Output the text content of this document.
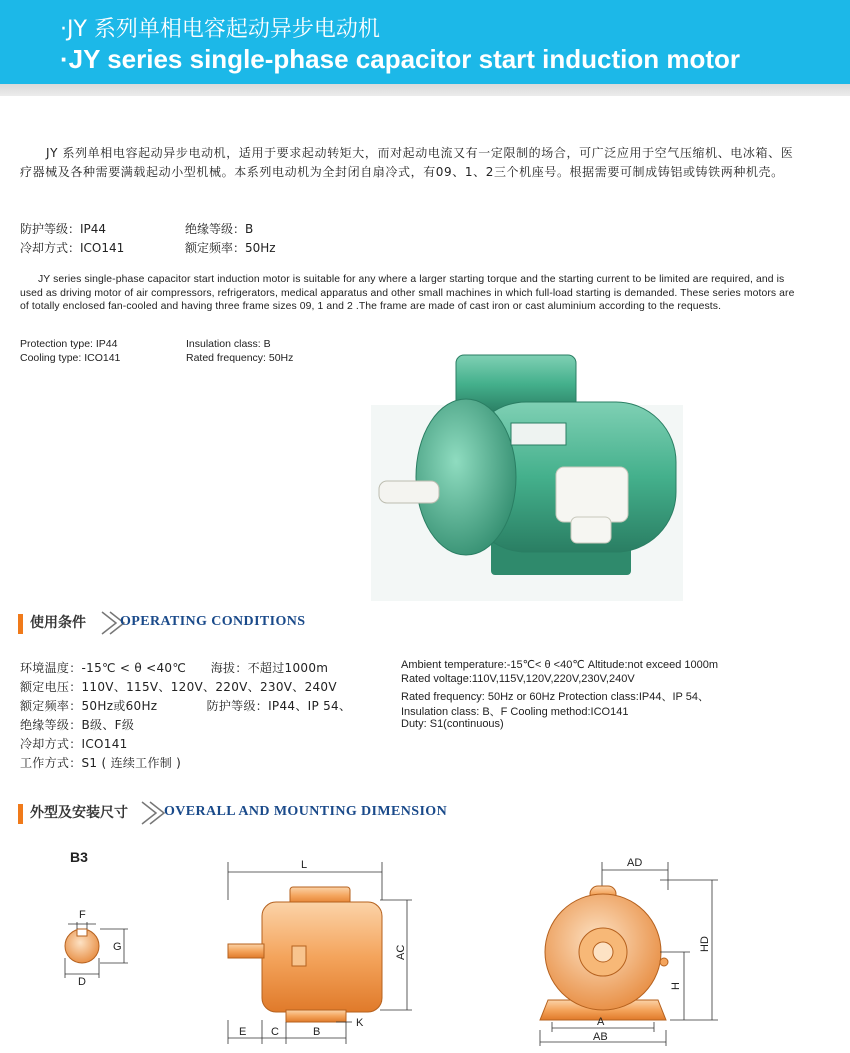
·JY 系列单相电容起动异步电动机
·JY series single-phase capacitor start induction motor

JY 系列单相电容起动异步电动机，适用于要求起动转矩大，而对起动电流又有一定限制的场合，可广泛应用于空气压缩机、电冰箱、医疗器械及各种需要满载起动小型机械。本系列电动机为全封闭自扇冷式，有09、1、2三个机座号。根据需要可制成铸铝或铸铁两种机壳。

防护等级：IP44	绝缘等级：B
冷却方式：ICO141	额定频率：50Hz

JY series single-phase capacitor start induction motor is suitable for any where a larger starting torque and the starting current to be limited are required, and is used as driving motor of air compressors, refrigerators, medical apparatus and other small machines in which full-load starting is demanded. These series motors are of totally enclosed fan-cooled and having three frame sizes 09, 1 and 2 .The frame are made of cast iron or cast aluminium according to the requests.

Protection type: IP44	Insulation class: B
Cooling type: ICO141	Rated frequency: 50Hz
使用条件 OPERATING CONDITIONS
环境温度：-15℃ < θ <40℃　　海拔：不超过1000m
额定电压：110V、115V、120V、220V、230V、240V
额定频率：50Hz或60Hz　　　　防护等级：IP44、IP 54、
绝缘等级：B级、F级
冷却方式：ICO141
工作方式：S1 ( 连续工作制 )
Ambient temperature:-15℃< θ <40℃ Altitude:not exceed 1000m
Rated voltage:110V,115V,120V,220V,230V,240V
Rated frequency: 50Hz or 60Hz Protection class:IP44、IP 54、
Insulation class: B、F Cooling method:ICO141
Duty: S1(continuous)
外型及安装尺寸	OVERALL AND MOUNTING DIMENSION
B3
F
G
D
L
AC
E C	B
K
AD
HD
H
A
AB
